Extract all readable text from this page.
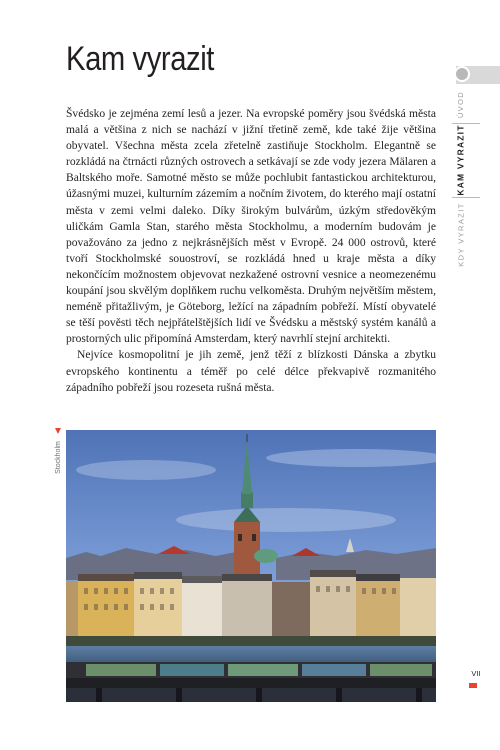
Kam vyrazit

Švédsko je zejména zemí lesů a jezer. Na evropské poměry jsou švédská města malá a většina z nich se nachází v jižní třetině země, kde také žije většina obyvatel. Všechna města zcela zřetelně zastiňuje Stockholm. Elegantně se rozkládá na čtrnácti různých ostrovech a setkávají se zde vody jezera Mälaren a Baltského moře. Samotné město se může pochlubit fantastickou architekturou, úžasnými muzei, kulturním zázemím a nočním životem, do kterého mají ostatní města v zemi velmi daleko. Díky širokým bulvárům, úzkým středověkým uličkám Gamla Stan, starého města Stockholmu, a moderním budovám je považováno za jedno z nejkrásnějších měst v Evropě. 24 000 ostrovů, které tvoří Stockholmské souostroví, se rozkládá hned u kraje města a díky nekončícím možnostem objevovat nezkažené ostrovní vesnice a neomezenému koupání jsou skvělým doplňkem ruchu velkoměsta. Druhým největším městem, neméně přitažlivým, je Göteborg, ležící na západním pobřeží. Místí obyvatelé se těší pověsti těch nejpřátelštějších lidí ve Švédsku a městský systém kanálů a prostorných ulic připomíná Amsterdam, který navrhlí stejní architekti.

Nejvíce kosmopolitní je jih země, jenž těží z blízkosti Dánska a zbytku evropského kontinentu a téměř po celé délce překvapivě rozmanitého západního pobřeží jsou rozeseta rušná města.

ÚVOD
KAM VYRAZIT
KDY VYRAZIT
Stockholm
VII
